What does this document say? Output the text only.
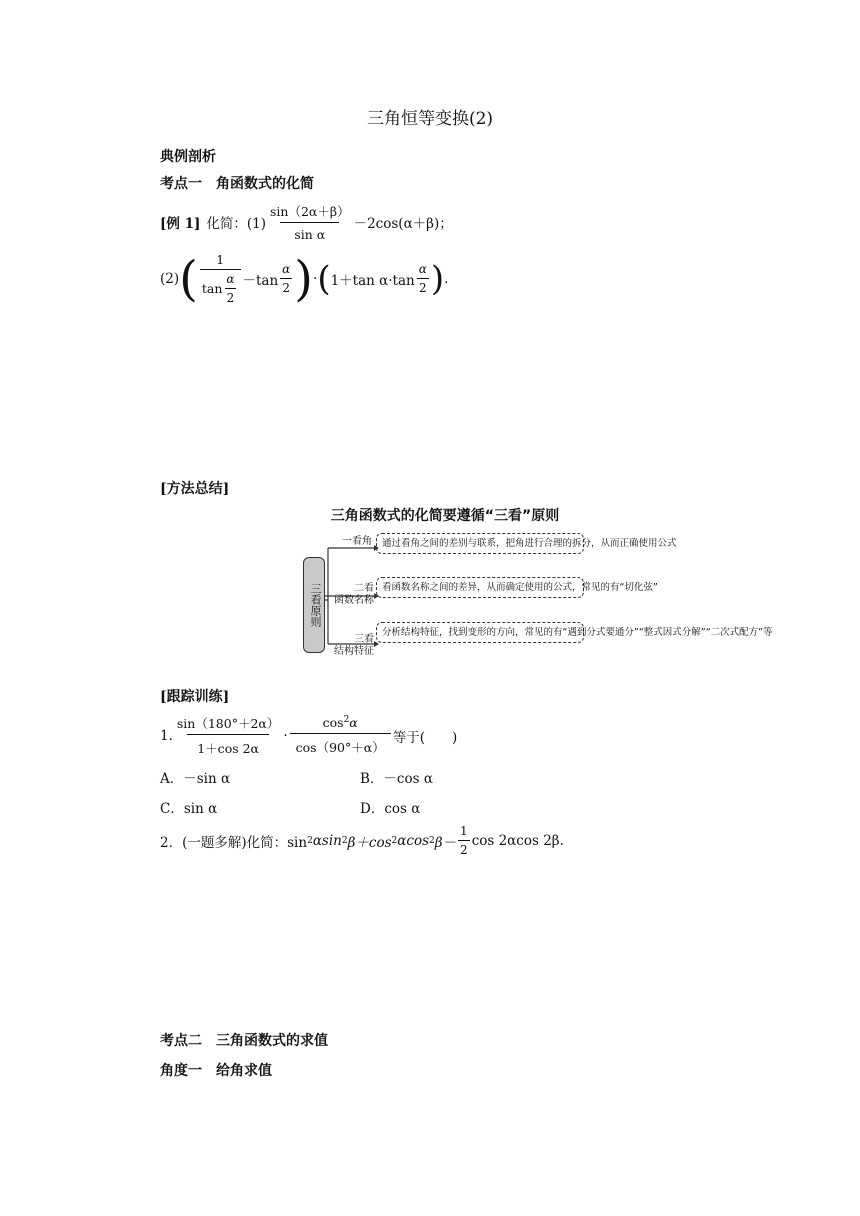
三角恒等变换(2)
典例剖析
考点一　角函数式的化简
[例 1] 化简：$(1) \frac{\sin(2\alpha+\beta)}{\text{sin α}} -2\cos(\alpha+\beta)$；
(2) ( $\frac{1}{\tan \frac{\alpha}{2}} -\tan \frac{\alpha}{2}$ ) · ( 1＋tan $\alpha\cdot\tan \frac{\alpha}{2}$ ) .
[方法总结]
三角函数式的化简要遵循“三看”原则
三看原则
一看角	通过看角之间的差别与联系，把角进行合理的拆分，从而正确使用公式
二看
函数名称
看函数名称之间的差异，从而确定使用的公式，常见的有“切化弦”
三看
结构特征
分析结构特征，找到变形的方向，常见的有“遇到分式要通分”“整式因式分解”“二次式配方”等
[跟踪训练]
1. $\frac{\sin(180^\circ+2\alpha)}{1+\cos 2\alpha} \cdot \frac{\cos^2\alpha}{\cos(90^\circ+\alpha)}$ 等于(　　)
A．－sin α	B．－cos α
C．sin α	D．cos α
2．(一题多解)化简：sin 2 αsin 2 β＋cos 2 αcos 2 $\beta- \frac{1}{2}$ cos 2αcos 2β.
考点二　三角函数式的求值
角度一　给角求值
